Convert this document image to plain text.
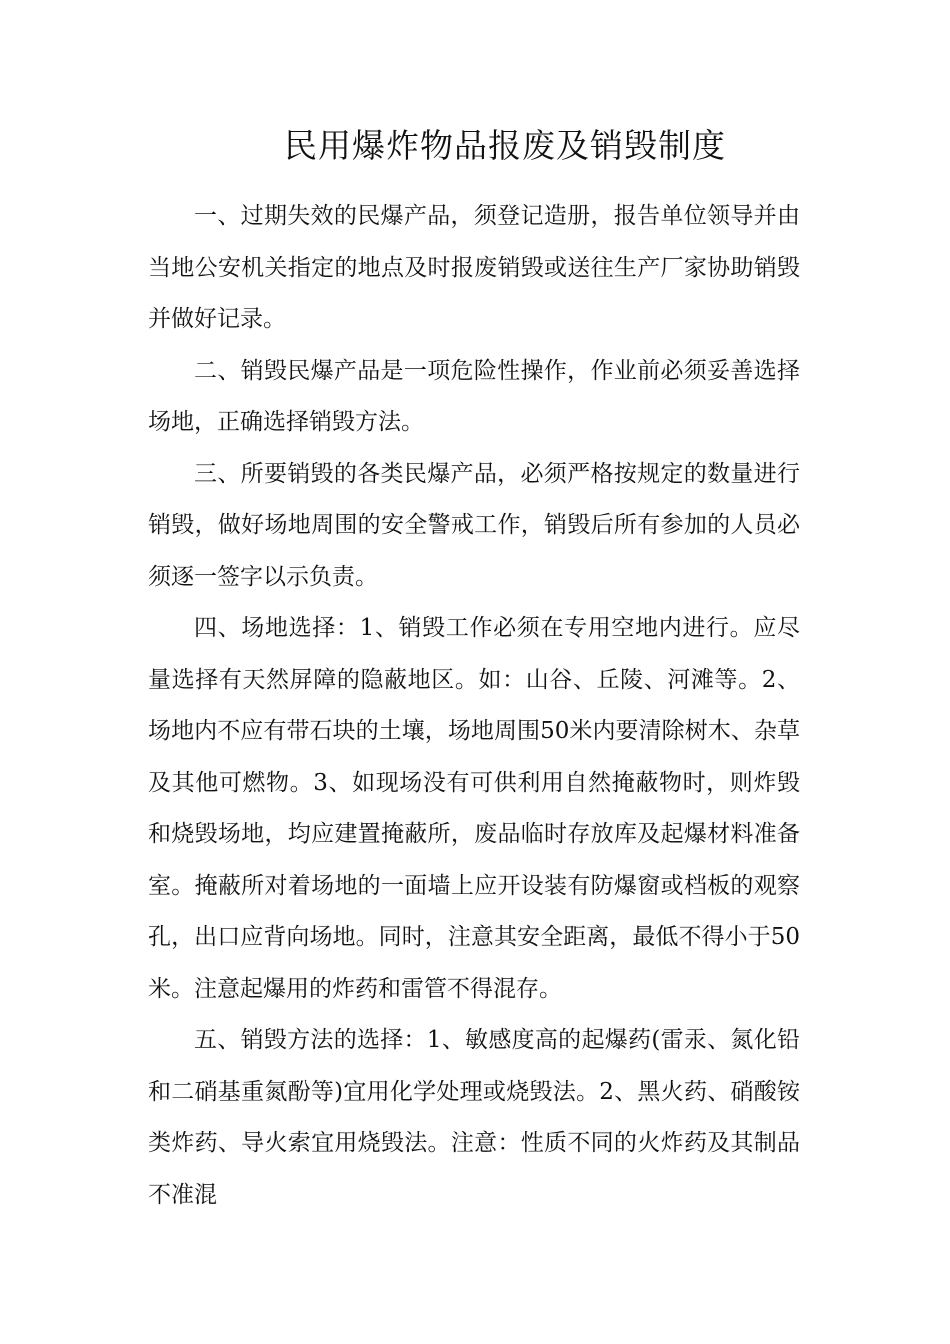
民用爆炸物品报废及销毁制度

一、过期失效的民爆产品，须登记造册，报告单位领导并由当地公安机关指定的地点及时报废销毁或送往生产厂家协助销毁并做好记录。

二、销毁民爆产品是一项危险性操作，作业前必须妥善选择场地，正确选择销毁方法。

三、所要销毁的各类民爆产品，必须严格按规定的数量进行销毁，做好场地周围的安全警戒工作，销毁后所有参加的人员必须逐一签字以示负责。

四、场地选择：1、销毁工作必须在专用空地内进行。应尽量选择有天然屏障的隐蔽地区。如：山谷、丘陵、河滩等。2、场地内不应有带石块的土壤，场地周围50米内要清除树木、杂草及其他可燃物。3、如现场没有可供利用自然掩蔽物时，则炸毁和烧毁场地，均应建置掩蔽所，废品临时存放库及起爆材料准备室。掩蔽所对着场地的一面墙上应开设装有防爆窗或档板的观察孔，出口应背向场地。同时，注意其安全距离，最低不得小于50米。注意起爆用的炸药和雷管不得混存。

五、销毁方法的选择：1、敏感度高的起爆药(雷汞、氮化铅和二硝基重氮酚等)宜用化学处理或烧毁法。2、黑火药、硝酸铵类炸药、导火索宜用烧毁法。注意：性质不同的火炸药及其制品不准混
